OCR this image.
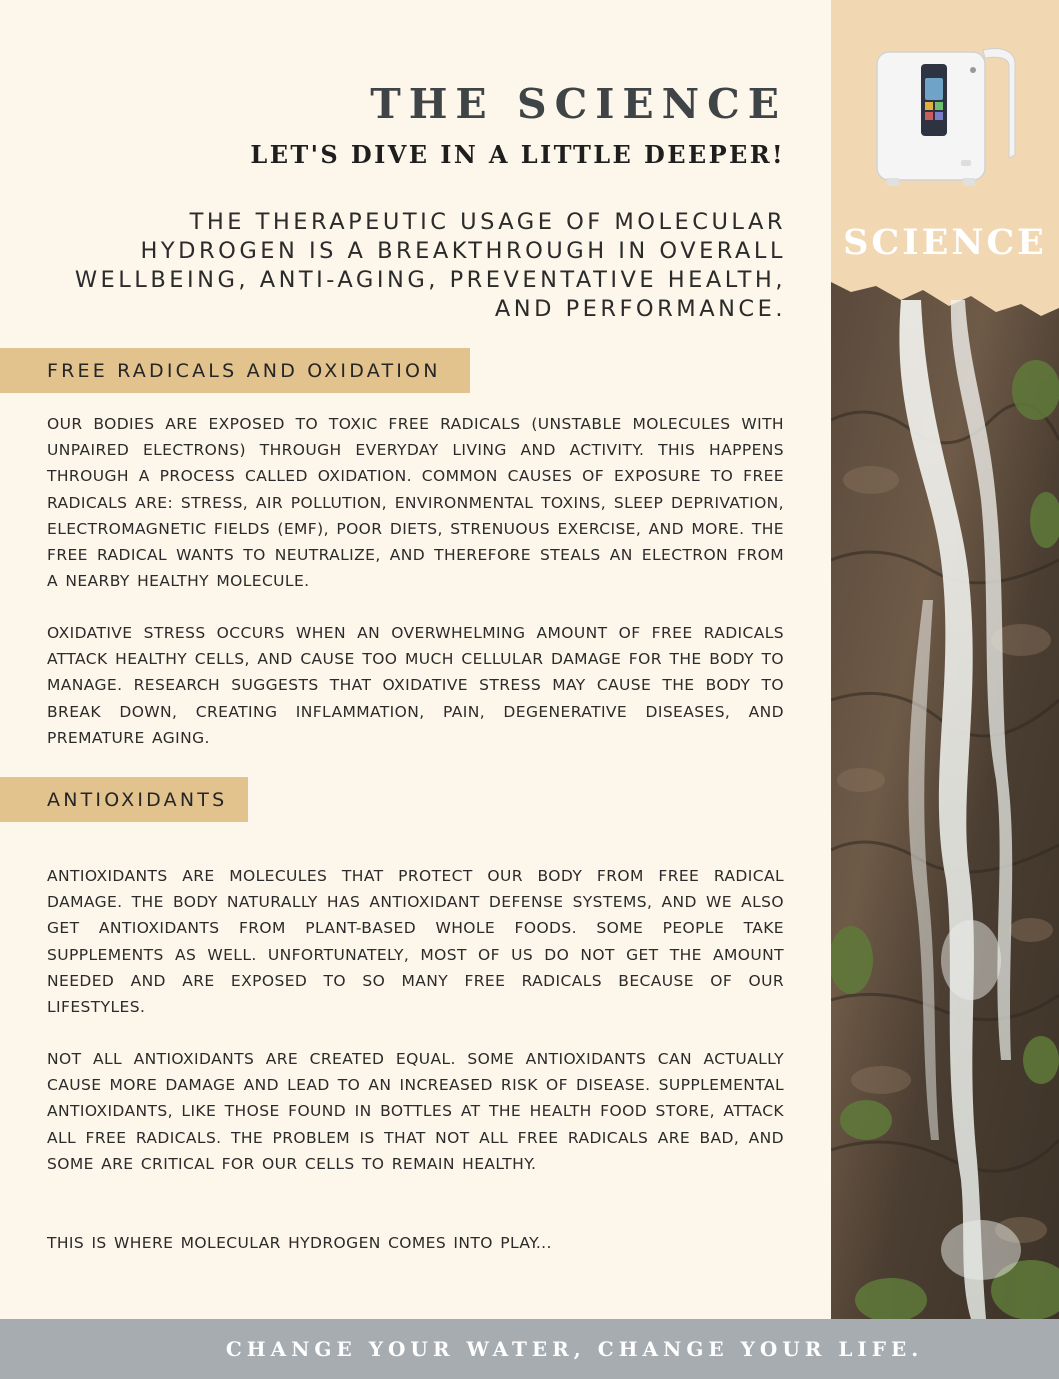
SCIENCE
THE SCIENCE
LET'S DIVE IN A LITTLE DEEPER!

THE THERAPEUTIC USAGE OF MOLECULAR HYDROGEN IS A BREAKTHROUGH IN OVERALL WELLBEING, ANTI-AGING, PREVENTATIVE HEALTH, AND PERFORMANCE.

FREE RADICALS AND OXIDATION

OUR BODIES ARE EXPOSED TO TOXIC FREE RADICALS (UNSTABLE MOLECULES WITH UNPAIRED ELECTRONS) THROUGH EVERYDAY LIVING AND ACTIVITY. THIS HAPPENS THROUGH A PROCESS CALLED OXIDATION. COMMON CAUSES OF EXPOSURE TO FREE RADICALS ARE: STRESS, AIR POLLUTION, ENVIRONMENTAL TOXINS, SLEEP DEPRIVATION, ELECTROMAGNETIC FIELDS (EMF), POOR DIETS, STRENUOUS EXERCISE, AND MORE. THE FREE RADICAL WANTS TO NEUTRALIZE, AND THEREFORE STEALS AN ELECTRON FROM A NEARBY HEALTHY MOLECULE.

OXIDATIVE STRESS OCCURS WHEN AN OVERWHELMING AMOUNT OF FREE RADICALS ATTACK HEALTHY CELLS, AND CAUSE TOO MUCH CELLULAR DAMAGE FOR THE BODY TO MANAGE. RESEARCH SUGGESTS THAT OXIDATIVE STRESS MAY CAUSE THE BODY TO BREAK DOWN, CREATING INFLAMMATION, PAIN, DEGENERATIVE DISEASES, AND PREMATURE AGING.

ANTIOXIDANTS

ANTIOXIDANTS ARE MOLECULES THAT PROTECT OUR BODY FROM FREE RADICAL DAMAGE. THE BODY NATURALLY HAS ANTIOXIDANT DEFENSE SYSTEMS, AND WE ALSO GET ANTIOXIDANTS FROM PLANT-BASED WHOLE FOODS. SOME PEOPLE TAKE SUPPLEMENTS AS WELL. UNFORTUNATELY, MOST OF US DO NOT GET THE AMOUNT NEEDED AND ARE EXPOSED TO SO MANY FREE RADICALS BECAUSE OF OUR LIFESTYLES.

NOT ALL ANTIOXIDANTS ARE CREATED EQUAL. SOME ANTIOXIDANTS CAN ACTUALLY CAUSE MORE DAMAGE AND LEAD TO AN INCREASED RISK OF DISEASE. SUPPLEMENTAL ANTIOXIDANTS, LIKE THOSE FOUND IN BOTTLES AT THE HEALTH FOOD STORE, ATTACK ALL FREE RADICALS. THE PROBLEM IS THAT NOT ALL FREE RADICALS ARE BAD, AND SOME ARE CRITICAL FOR OUR CELLS TO REMAIN HEALTHY.

THIS IS WHERE MOLECULAR HYDROGEN COMES INTO PLAY...

CHANGE YOUR WATER, CHANGE YOUR LIFE.
